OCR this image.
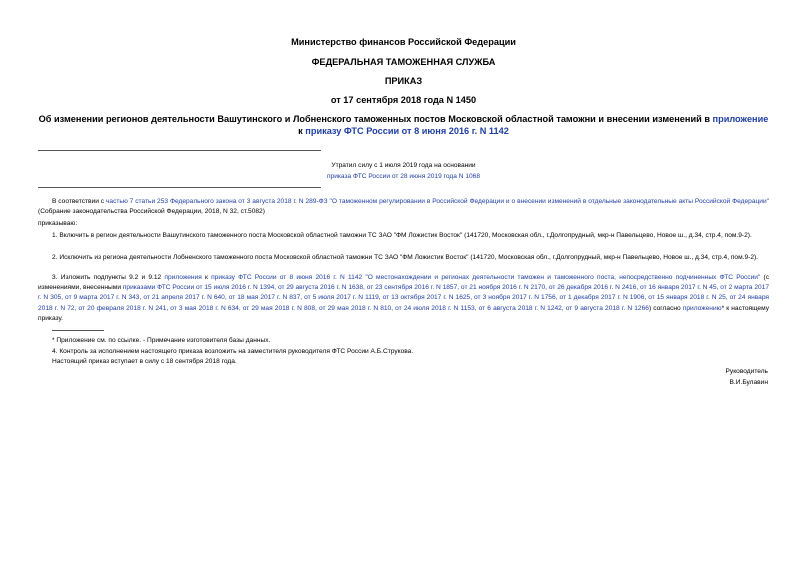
Министерство финансов Российской Федерации
ФЕДЕРАЛЬНАЯ ТАМОЖЕННАЯ СЛУЖБА
ПРИКАЗ
от 17 сентября 2018 года N 1450
Об изменении регионов деятельности Вашутинского и Лобненского таможенных постов Московской областной таможни и внесении изменений в приложение к приказу ФТС России от 8 июня 2016 г. N 1142
Утратил силу с 1 июля 2019 года на основании
приказа ФТС России от 28 июня 2019 года N 1068
В соответствии с частью 7 статьи 253 Федерального закона от 3 августа 2018 г. N 289-ФЗ "О таможенном регулировании в Российской Федерации и о внесении изменений в отдельные законодательные акты Российской Федерации" (Собрание законодательства Российской Федерации, 2018, N 32, ст.5082)
приказываю:
1. Включить в регион деятельности Вашутинского таможенного поста Московской областной таможни ТС ЗАО "ФМ Ложистик Восток" (141720, Московская обл., г.Долгопрудный, мкр-н Павельцево, Новое ш., д.34, стр.4, пом.9-2).
2. Исключить из региона деятельности Лобненского таможенного поста Московской областной таможни ТС ЗАО "ФМ Ложистик Восток" (141720, Московская обл., г.Долгопрудный, мкр-н Павельцево, Новое ш., д.34, стр.4, пом.9-2).
3. Изложить подпункты 9.2 и 9.12 приложения к приказу ФТС России от 8 июня 2016 г. N 1142 "О местонахождении и регионах деятельности таможен и таможенного поста, непосредственно подчиненных ФТС России" (с изменениями, внесенными приказами ФТС России от 15 июля 2016 г. N 1394, от 29 августа 2016 г. N 1638, от 23 сентября 2016 г. N 1857, от 21 ноября 2016 г. N 2170, от 26 декабря 2016 г. N 2416, от 16 января 2017 г. N 45, от 2 марта 2017 г. N 305, от 9 марта 2017 г. N 343, от 21 апреля 2017 г. N 640, от 18 мая 2017 г. N 837, от 5 июля 2017 г. N 1119, от 13 октября 2017 г. N 1625, от 3 ноября 2017 г. N 1756, от 1 декабря 2017 г. N 1906, от 15 января 2018 г. N 25, от 24 января 2018 г. N 72, от 20 февраля 2018 г. N 241, от 3 мая 2018 г. N 634, от 29 мая 2018 г. N 808, от 29 мая 2018 г. N 810, от 24 июля 2018 г. N 1153, от 6 августа 2018 г. N 1242, от 9 августа 2018 г. N 1266) согласно приложению* к настоящему приказу.
* Приложение см. по ссылке. - Примечание изготовителя базы данных.
4. Контроль за исполнением настоящего приказа возложить на заместителя руководителя ФТС России А.Б.Струкова.
Настоящий приказ вступает в силу с 18 сентября 2018 года.
Руководитель
В.И.Булавин
